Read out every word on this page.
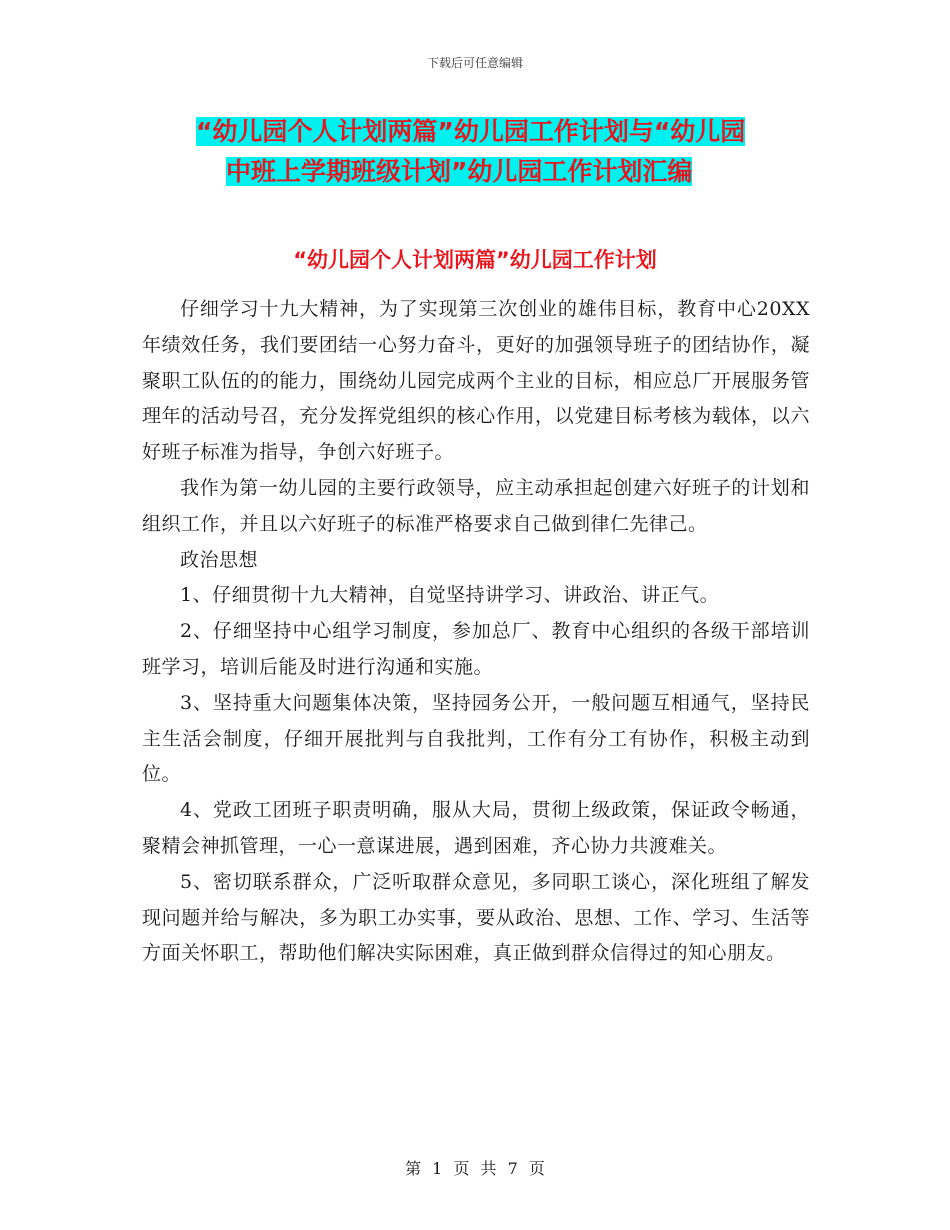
下载后可任意编辑
“幼儿园个人计划两篇”幼儿园工作计划与“幼儿园
中班上学期班级计划”幼儿园工作计划汇编
“幼儿园个人计划两篇”幼儿园工作计划

仔细学习十九大精神，为了实现第三次创业的雄伟目标，教育中心20XX年绩效任务，我们要团结一心努力奋斗，更好的加强领导班子的团结协作，凝聚职工队伍的的能力，围绕幼儿园完成两个主业的目标，相应总厂开展服务管理年的活动号召，充分发挥党组织的核心作用，以党建目标考核为载体，以六好班子标准为指导，争创六好班子。

我作为第一幼儿园的主要行政领导，应主动承担起创建六好班子的计划和组织工作，并且以六好班子的标准严格要求自己做到律仁先律己。

政治思想

1、仔细贯彻十九大精神，自觉坚持讲学习、讲政治、讲正气。

2、仔细坚持中心组学习制度，参加总厂、教育中心组织的各级干部培训班学习，培训后能及时进行沟通和实施。

3、坚持重大问题集体决策，坚持园务公开，一般问题互相通气，坚持民主生活会制度，仔细开展批判与自我批判，工作有分工有协作，积极主动到位。

4、党政工团班子职责明确，服从大局，贯彻上级政策，保证政令畅通，聚精会神抓管理，一心一意谋进展，遇到困难，齐心协力共渡难关。

5、密切联系群众，广泛听取群众意见，多同职工谈心，深化班组了解发现问题并给与解决，多为职工办实事，要从政治、思想、工作、学习、生活等方面关怀职工，帮助他们解决实际困难，真正做到群众信得过的知心朋友。

第 1 页 共 7 页
